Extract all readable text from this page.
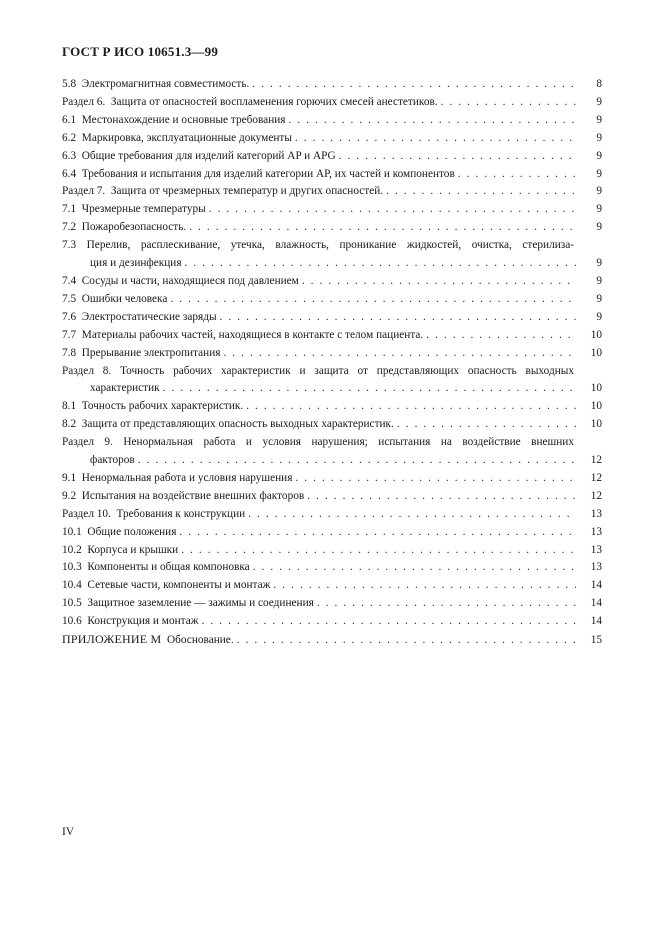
ГОСТ Р ИСО 10651.3—99
5.8  Электромагнитная совместимость. . . .	8
Раздел 6.  Защита от опасностей воспламенения горючих смесей анестетиков. . . .	9
6.1  Местонахождение и основные требования . . .	9
6.2  Маркировка, эксплуатационные документы . . .	9
6.3  Общие требования для изделий категорий AP и APG . . .	9
6.4  Требования и испытания для изделий категории AP, их частей и компонентов . . .	9
Раздел 7.  Защита от чрезмерных температур и других опасностей. . . .	9
7.1  Чрезмерные температуры . . .	9
7.2  Пожаробезопасность. . . .	9
7.3 Перелив, расплескивание, утечка, влажность, проникание жидкостей, очистка, стерилиза-
ция и дезинфекция . . .	9
7.4  Сосуды и части, находящиеся под давлением . . .	9
7.5  Ошибки человека . . .	9
7.6  Электростатические заряды . . .	9
7.7  Материалы рабочих частей, находящиеся в контакте с телом пациента. . . .	10
7.8  Прерывание электропитания . . .	10
Раздел 8. Точность рабочих характеристик и защита от представляющих опасность выходных
характеристик . . .	10
8.1  Точность рабочих характеристик. . . .	10
8.2  Защита от представляющих опасность выходных характеристик. . . .	10
Раздел 9. Ненормальная работа и условия нарушения; испытания на воздействие внешних
факторов . . .	12
9.1  Ненормальная работа и условия нарушения . . .	12
9.2  Испытания на воздействие внешних факторов . . .	12
Раздел 10.  Требования к конструкции . . .	13
10.1  Общие положения . . .	13
10.2  Корпуса и крышки . . .	13
10.3  Компоненты и общая компоновка . . .	13
10.4  Сетевые части, компоненты и монтаж . . .	14
10.5  Защитное заземление — зажимы и соединения . . .	14
10.6  Конструкция и монтаж . . .	14
ПРИЛОЖЕНИЕ М Обоснование. . . .	15
IV
